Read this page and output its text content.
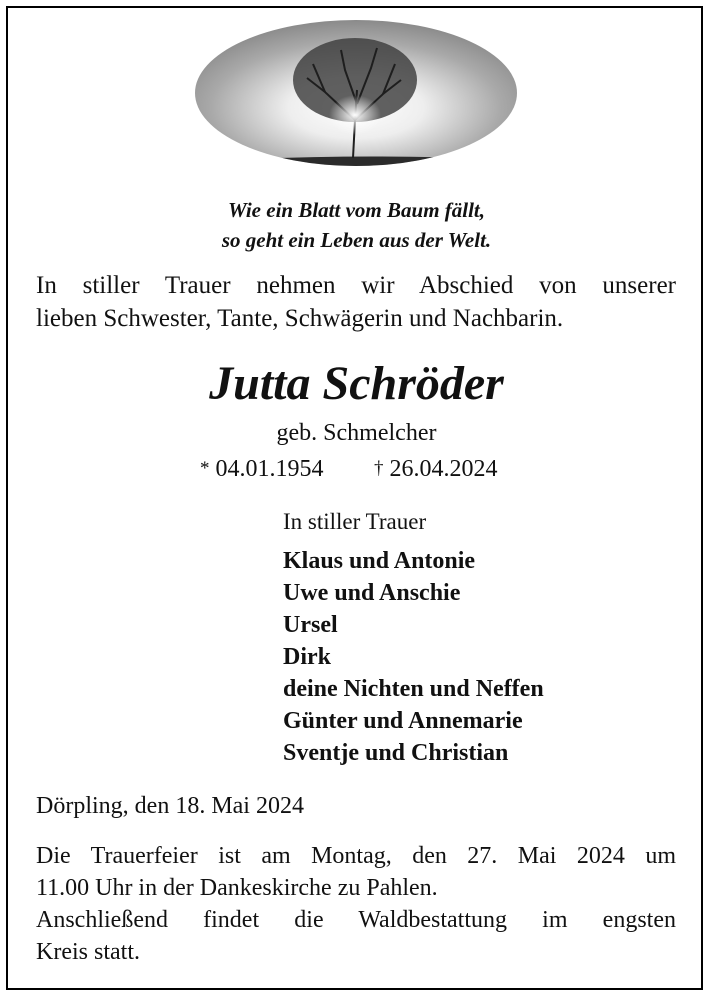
Wie ein Blatt vom Baum fällt,
so geht ein Leben aus der Welt.
In stiller Trauer nehmen wir Abschied von unserer
lieben Schwester, Tante, Schwägerin und Nachbarin.
Jutta Schröder
geb. Schmelcher
* 04.01.1954	† 26.04.2024
In stiller Trauer
Klaus und Antonie
Uwe und Anschie
Ursel
Dirk
deine Nichten und Neffen
Günter und Annemarie
Sventje und Christian
Dörpling, den 18. Mai 2024
Die Trauerfeier ist am Montag, den 27. Mai 2024 um
11.00 Uhr in der Dankeskirche zu Pahlen.
Anschließend findet die Waldbestattung im engsten
Kreis statt.
